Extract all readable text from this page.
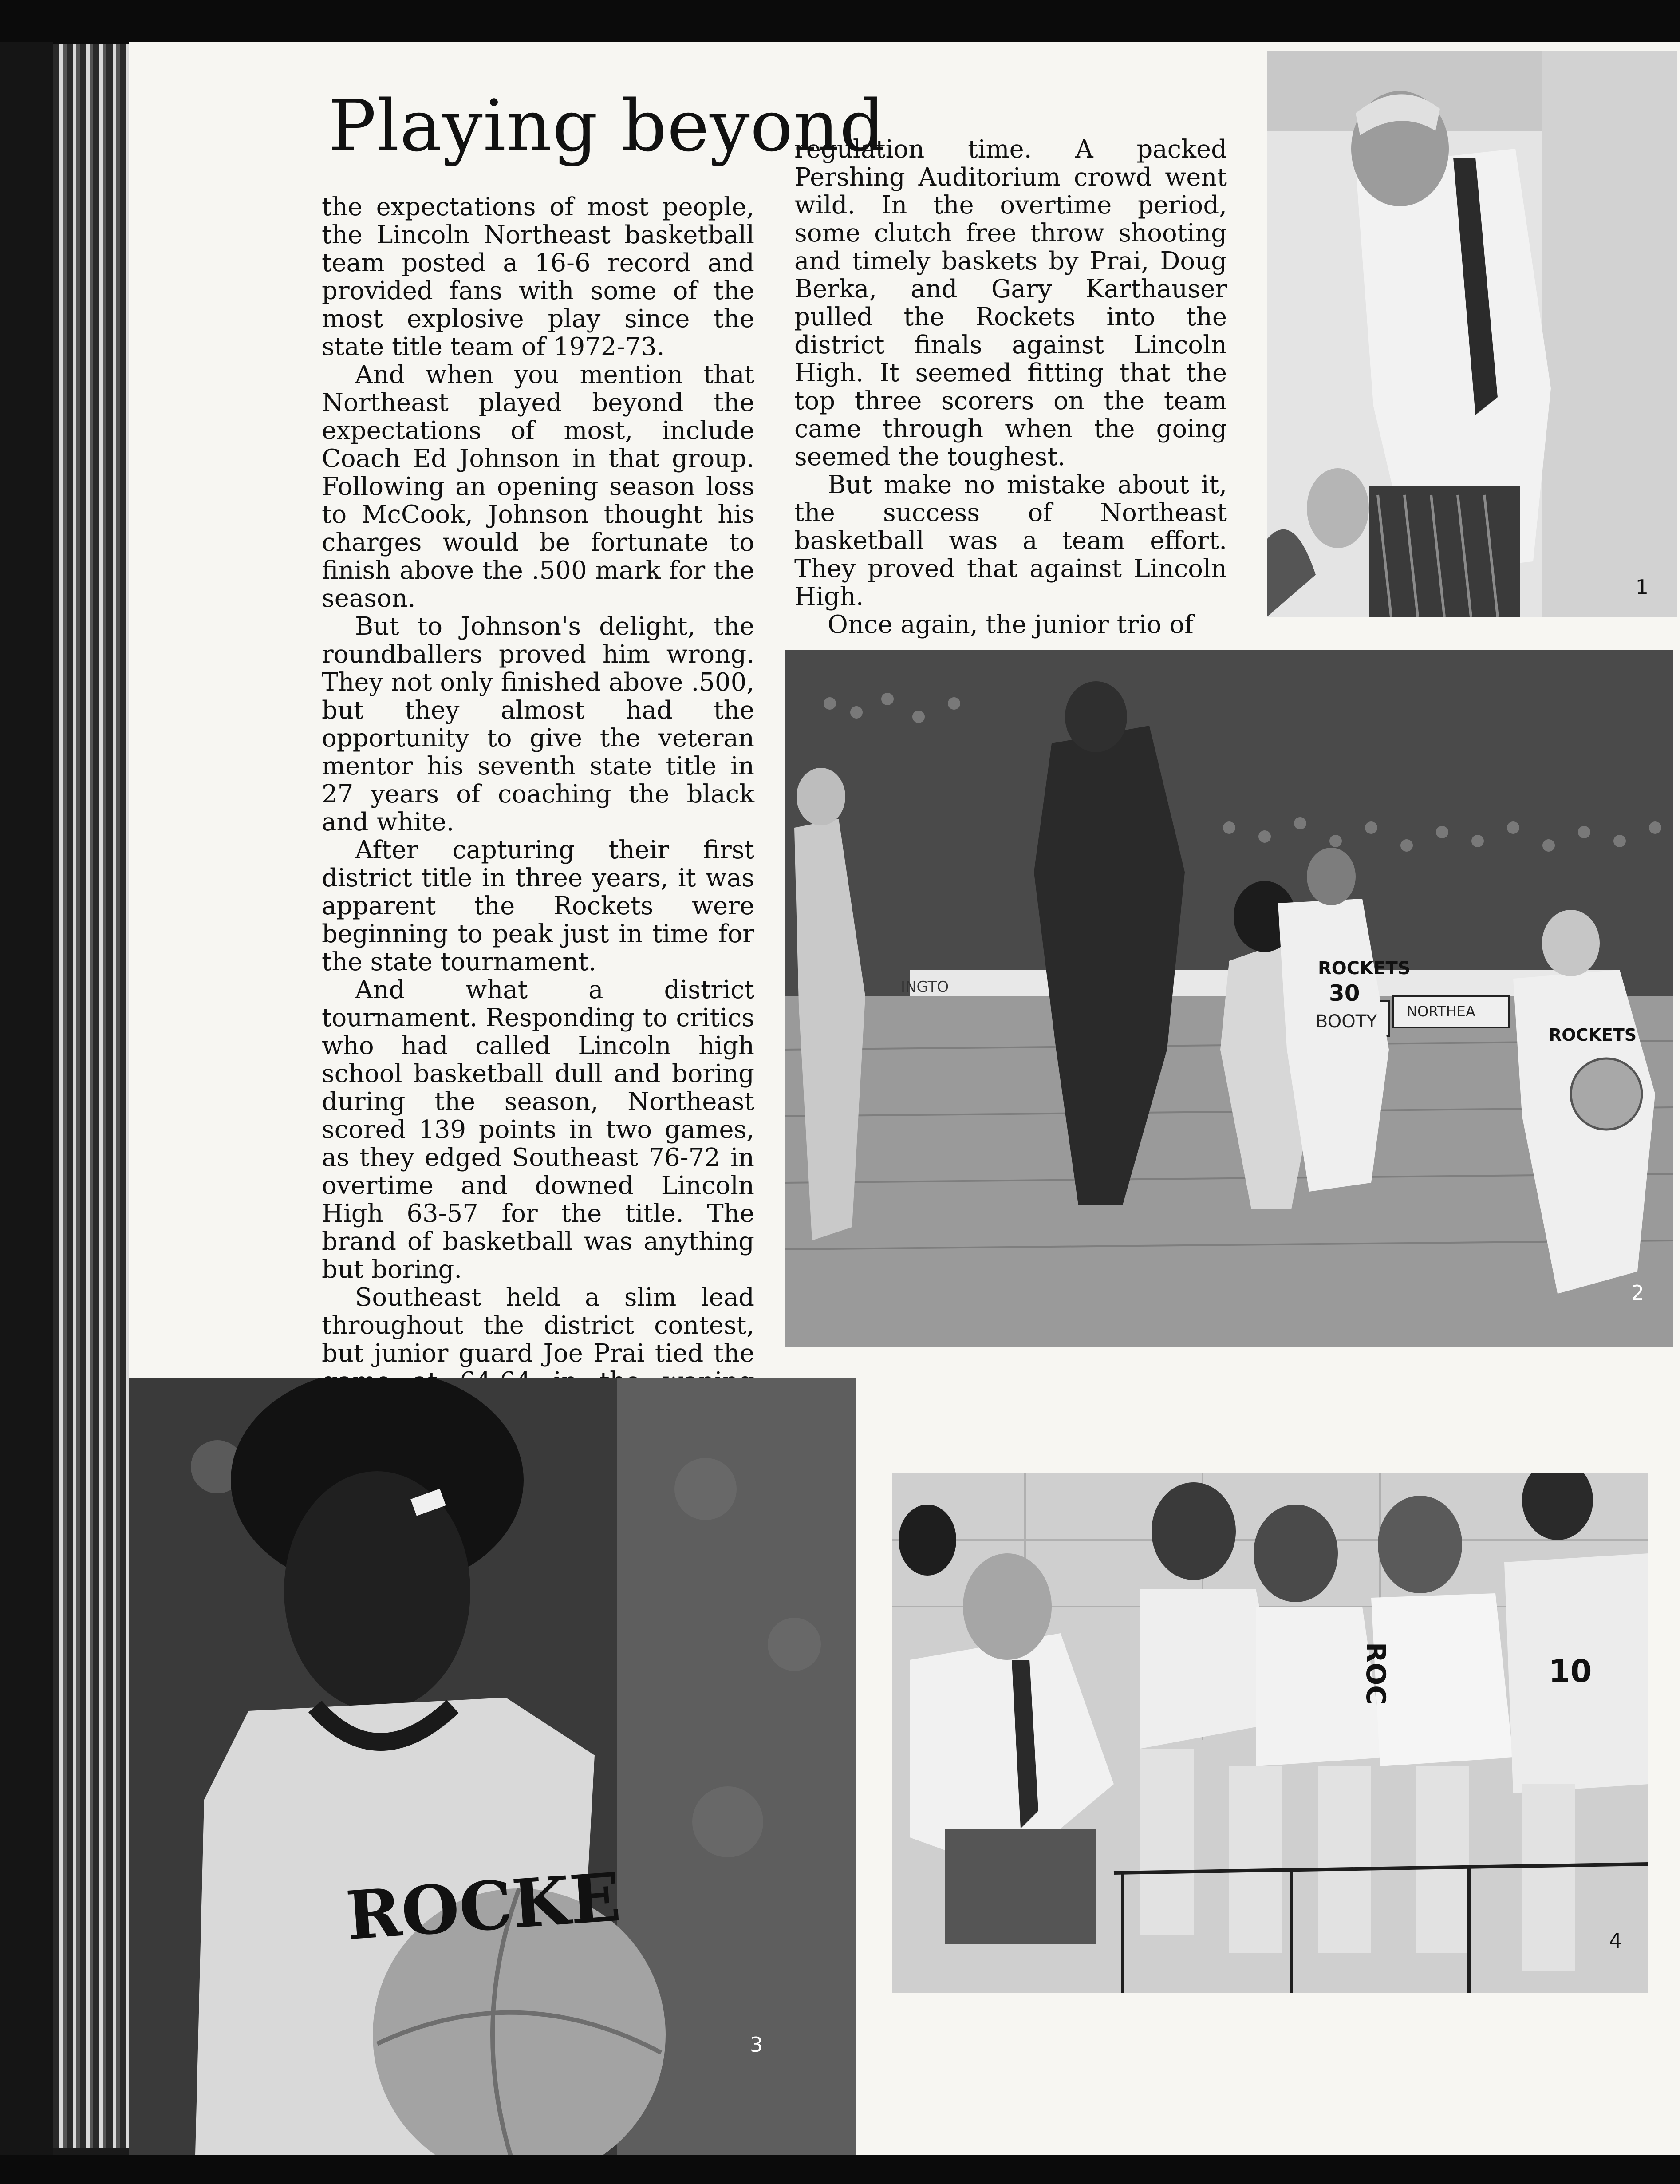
Playing beyond

the expectations of most people, the Lincoln Northeast basketball team posted a 16-6 record and provided fans with some of the most explosive play since the state title team of 1972-73.

And when you mention that Northeast played beyond the expectations of most, include Coach Ed Johnson in that group. Following an opening season loss to McCook, Johnson thought his charges would be fortunate to finish above the .500 mark for the season.

But to Johnson's delight, the roundballers proved him wrong. They not only finished above .500, but they almost had the opportunity to give the veteran mentor his seventh state title in 27 years of coaching the black and white.

After capturing their first district title in three years, it was apparent the Rockets were beginning to peak just in time for the state tournament.

And what a district tournament. Responding to critics who had called Lincoln high school basketball dull and boring during the season, Northeast scored 139 points in two games, as they edged Southeast 76-72 in overtime and downed Lincoln High 63-57 for the title. The brand of basketball was anything but boring.

Southeast held a slim lead throughout the district contest, but junior guard Joe Prai tied the

regulation time. A packed Pershing Auditorium crowd went wild. In the overtime period, some clutch free throw shooting and timely baskets by Prai, Doug Berka, and Gary Karthauser pulled the Rockets into the district finals against Lincoln High. It seemed fitting that the top three scorers on the team came through when the going seemed the toughest.

But make no mistake about it, the success of Northeast basketball was a team effort. They proved that against Lincoln High.

Once again, the junior trio of

1
ROCKETS
30
ROCKETS
NORTHEA
BOOTY
INGTO
2
ROCKE
3
10
ROC
4
